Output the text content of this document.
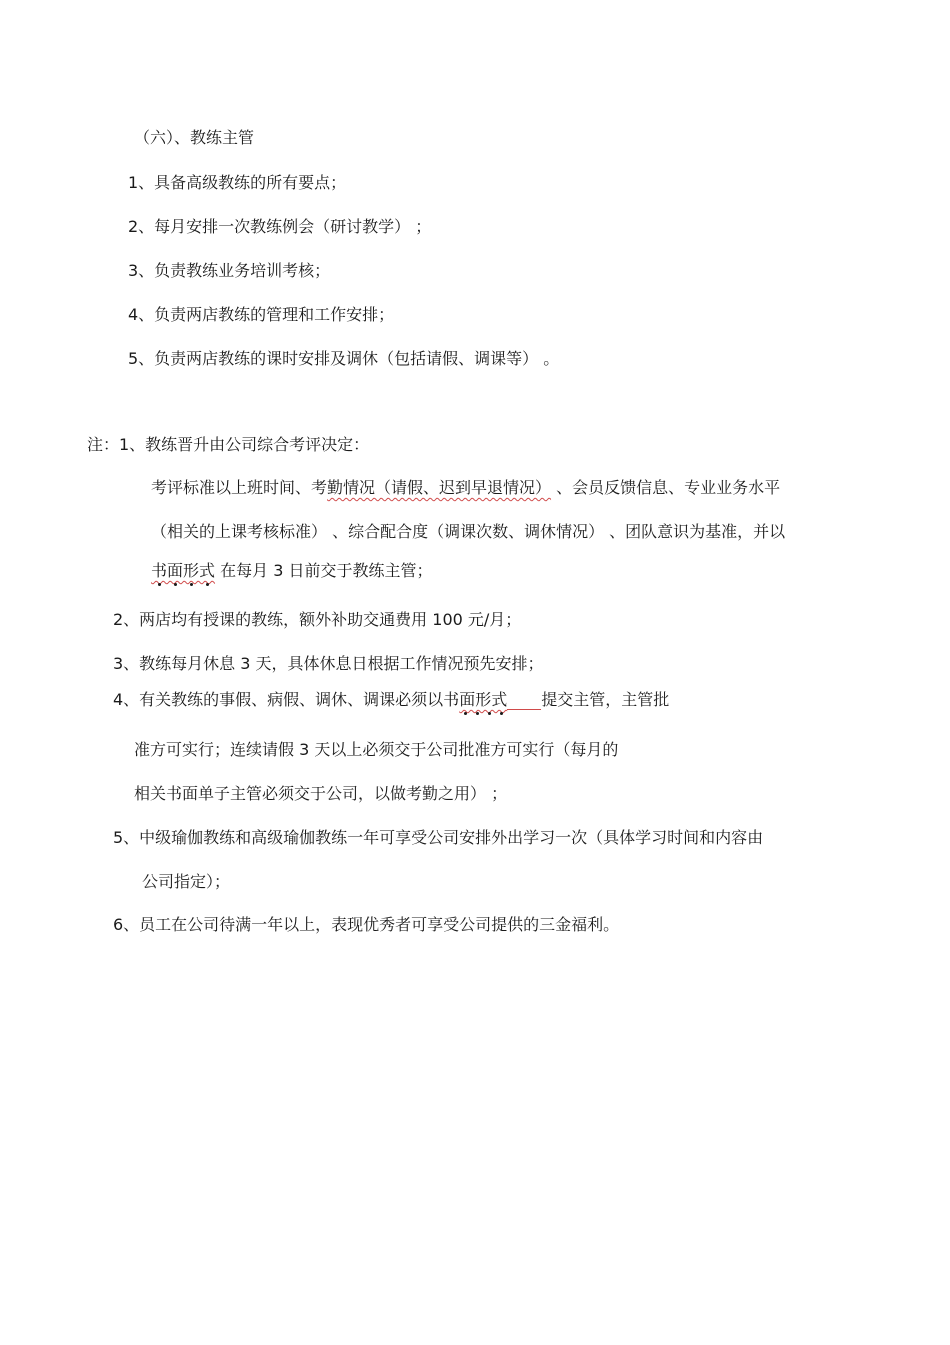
（六）、教练主管
1、具备高级教练的所有要点；
2、每月安排一次教练例会（研讨教学） ；
3、负责教练业务培训考核；
4、负责两店教练的管理和工作安排；
5、负责两店教练的课时安排及调休（包括请假、调课等） 。
注：1、教练晋升由公司综合考评决定：
考评标准以上班时间、考勤情况（请假、迟到早退情况） 、会员反馈信息、专业业务水平
（相关的上课考核标准） 、综合配合度（调课次数、调休情况） 、团队意识为基准，并以
书面形式
在每月 3 日前交于教练主管；
2、两店均有授课的教练，额外补助交通费用 100 元/月；
3、教练每月休息 3 天，具体休息日根据工作情况预先安排；
4、有关教练的事假、病假、调休、调课必须以书面形式 提交主管，主管批
准方可实行；连续请假 3 天以上必须交于公司批准方可实行（每月的
相关书面单子主管必须交于公司，以做考勤之用） ；
5、中级瑜伽教练和高级瑜伽教练一年可享受公司安排外出学习一次（具体学习时间和内容由
公司指定）；
6、员工在公司待满一年以上，表现优秀者可享受公司提供的三金福利。
